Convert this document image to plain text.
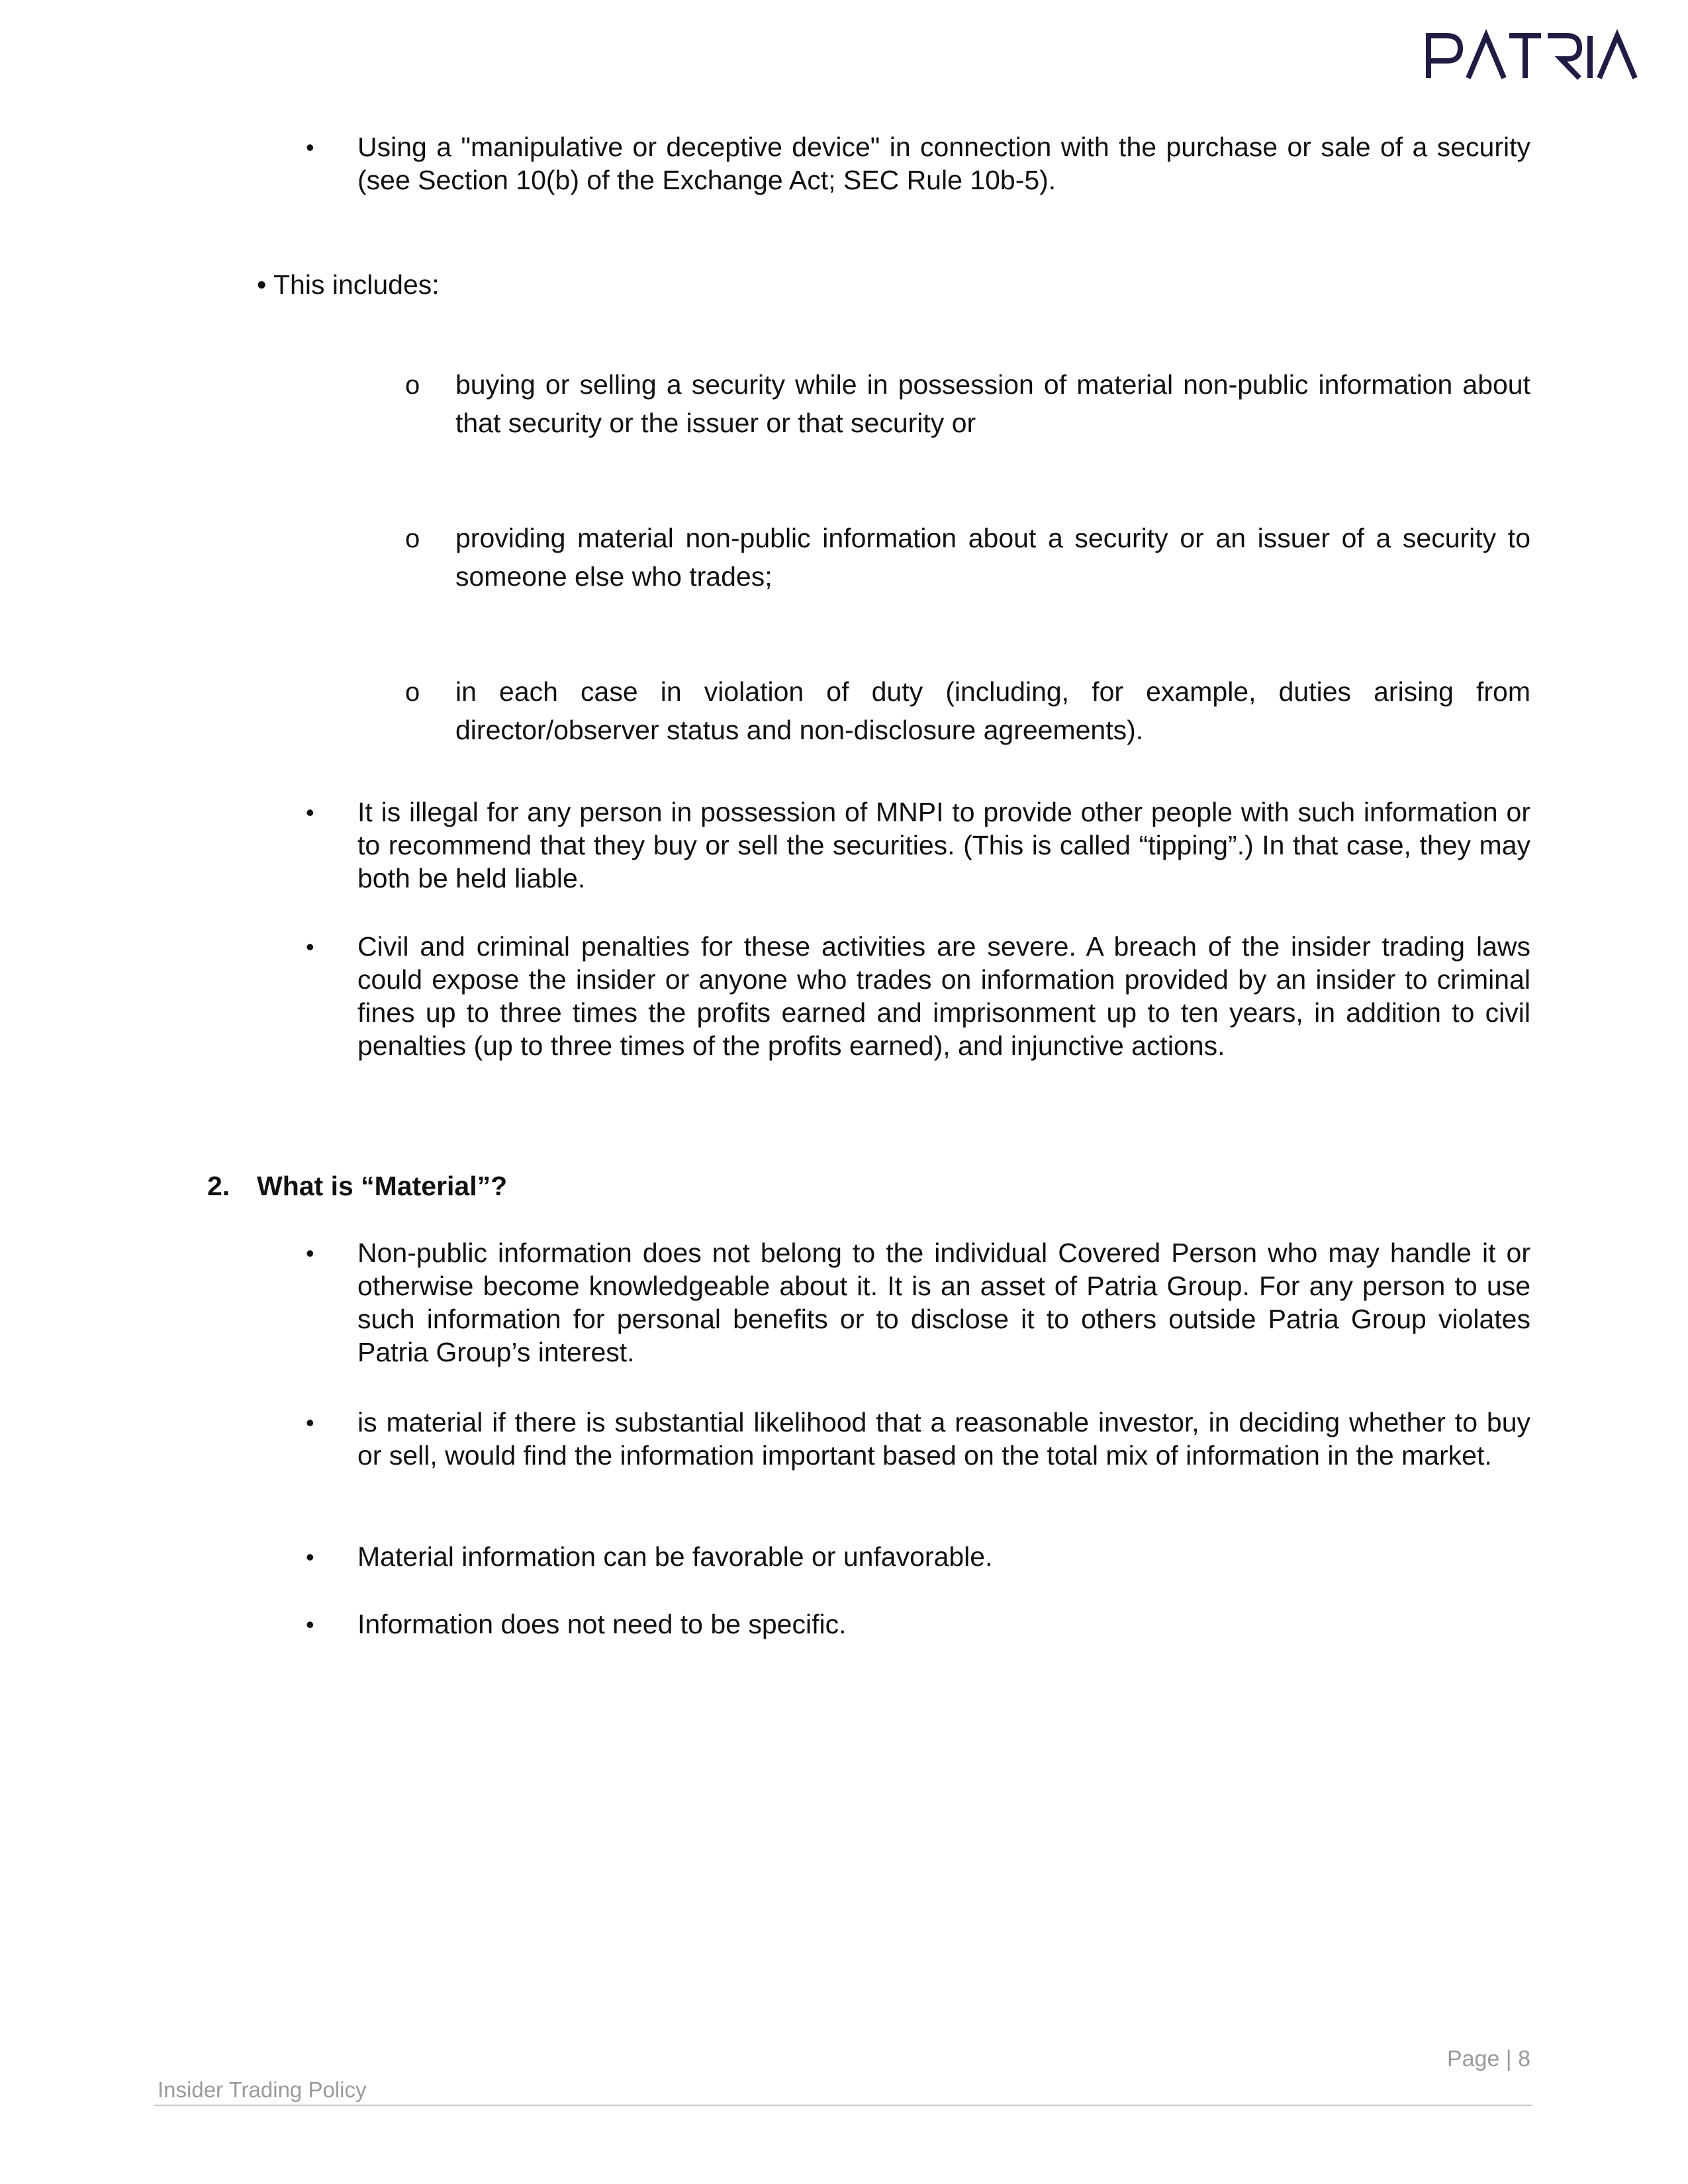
• Using a "manipulative or deceptive device" in connection with the purchase or sale of a security (see Section 10(b) of the Exchange Act; SEC Rule 10b-5).

• This includes:
o buying or selling a security while in possession of material non-public information about that security or the issuer or that security or

o providing material non-public information about a security or an issuer of a security to someone else who trades;

o in each case in violation of duty (including, for example, duties arising from director/observer status and non-disclosure agreements).

• It is illegal for any person in possession of MNPI to provide other people with such information or to recommend that they buy or sell the securities. (This is called “tipping”.) In that case, they may both be held liable.

• Civil and criminal penalties for these activities are severe. A breach of the insider trading laws could expose the insider or anyone who trades on information provided by an insider to criminal fines up to three times the profits earned and imprisonment up to ten years, in addition to civil penalties (up to three times of the profits earned), and injunctive actions.

2. What is “Material”?
• Non-public information does not belong to the individual Covered Person who may handle it or otherwise become knowledgeable about it. It is an asset of Patria Group. For any person to use such information for personal benefits or to disclose it to others outside Patria Group violates Patria Group’s interest.

• is material if there is substantial likelihood that a reasonable investor, in deciding whether to buy or sell, would find the information important based on the total mix of information in the market.

• Material information can be favorable or unfavorable.

• Information does not need to be specific.

Page | 8
Insider Trading Policy
